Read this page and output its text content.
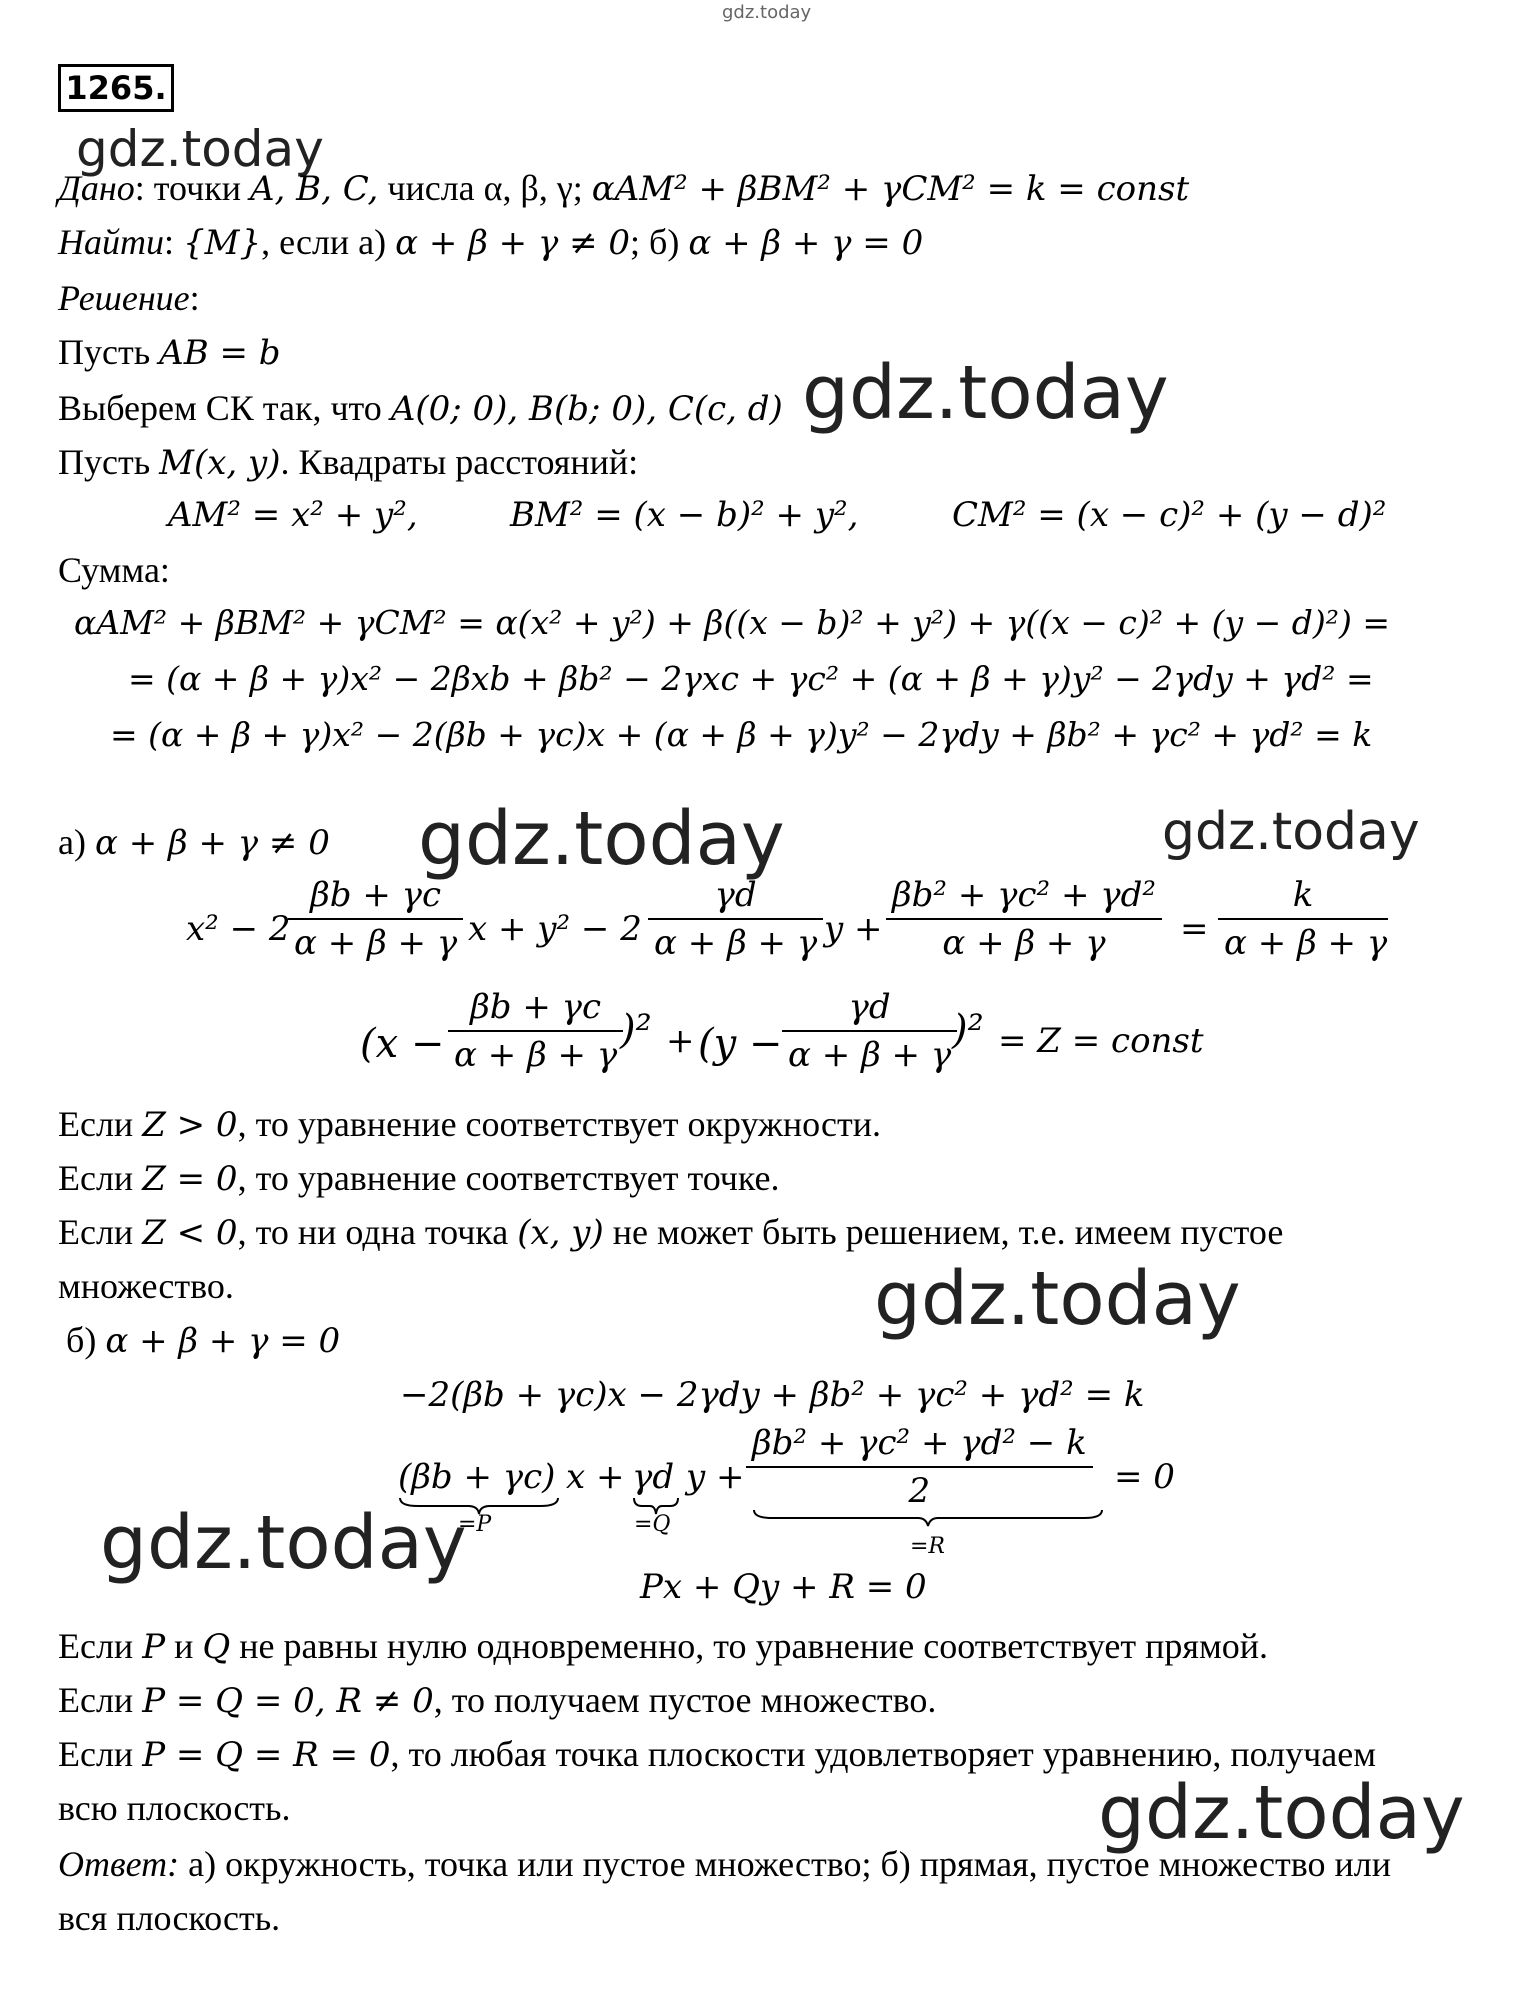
gdz.today
1265.
gdz.today
gdz.today
gdz.today	gdz.today
gdz.today
gdz.today
gdz.today
Дано: точки A, B, C, числа α, β, γ; αAM² + βBM² + γCM² = k = const
Найти: {M}, если а) α + β + γ ≠ 0; б) α + β + γ = 0
Решение:
Пусть AB = b
Выберем СК так, что A(0; 0), B(b; 0), C(c, d)
Пусть M(x, y). Квадраты расстояний:
AM² = x² + y²,	BM² = (x − b)² + y²,	CM² = (x − c)² + (y − d)²
Сумма:
αAM² + βBM² + γCM² = α(x² + y²) + β((x − b)² + y²) + γ((x − c)² + (y − d)²) =
= (α + β + γ)x² − 2βxb + βb² − 2γxc + γc² + (α + β + γ)y² − 2γdy + γd² =
= (α + β + γ)x² − 2(βb + γc)x + (α + β + γ)y² − 2γdy + βb² + γc² + γd² = k
а) α + β + γ ≠ 0
x² − 2
$\frac{\beta b + \gamma c}{\alpha + \beta + \gamma}$ $x + y^2 - 2 \frac{\gamma d}{\alpha + \beta + \gamma}$ $y + \frac{\text{βb² + γc² + γd²}}{\alpha + \beta + \gamma} = \frac{k}{\alpha + \beta + \gamma}$
($x - \frac{\beta b + \gamma c}{\alpha + \beta + \gamma}$
)$^2 + (y - \frac{\gamma d}{\alpha + \beta + \gamma}$
)² = Z = const
Если Z > 0, то уравнение соответствует окружности.
Если Z = 0, то уравнение соответствует точке.
Если Z < 0, то ни одна точка (x, y) не может быть решением, т.е. имеем пустое
множество.
б) α + β + γ = 0
−2(βb + γc)x − 2γdy + βb² + γc² + γd² = k
(βb + γc)
=P
x + γd
=Q
$y + \frac{\text{βb² + γc² + γd² − k}}{2}$
=R
= 0
Px + Qy + R = 0
Если P и Q не равны нулю одновременно, то уравнение соответствует прямой.
Если P = Q = 0, R ≠ 0, то получаем пустое множество.
Если P = Q = R = 0, то любая точка плоскости удовлетворяет уравнению, получаем
всю плоскость.
Ответ: а) окружность, точка или пустое множество; б) прямая, пустое множество или
вся плоскость.
